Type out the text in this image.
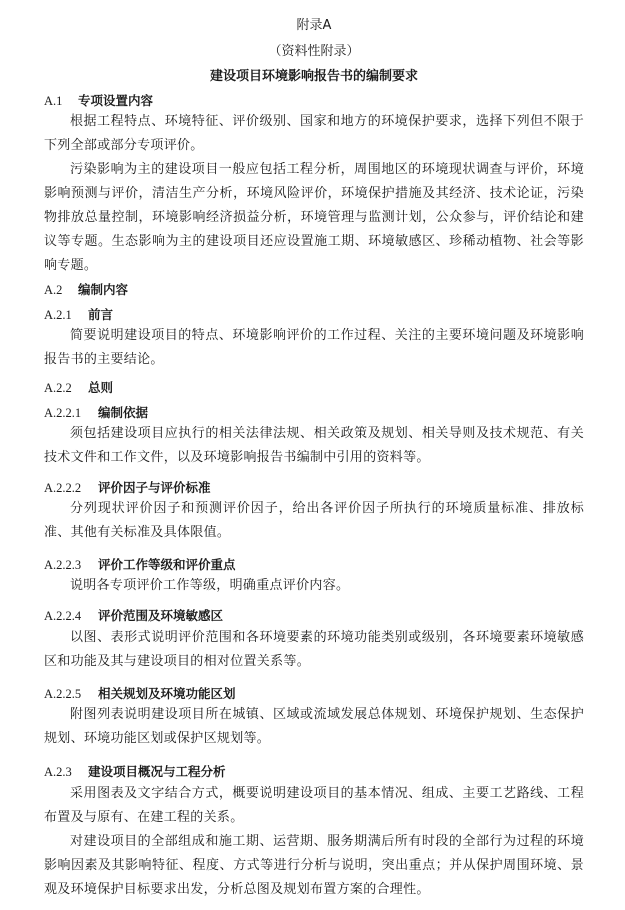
附录A
（资料性附录）
建设项目环境影响报告书的编制要求
A.1 专项设置内容
根据工程特点、环境特征、评价级别、国家和地方的环境保护要求，选择下列但不限于下列全部或部分专项评价。
污染影响为主的建设项目一般应包括工程分析，周围地区的环境现状调查与评价，环境影响预测与评价，清洁生产分析，环境风险评价，环境保护措施及其经济、技术论证，污染物排放总量控制，环境影响经济损益分析，环境管理与监测计划，公众参与，评价结论和建议等专题。生态影响为主的建设项目还应设置施工期、环境敏感区、珍稀动植物、社会等影响专题。
A.2 编制内容
A.2.1 前言
简要说明建设项目的特点、环境影响评价的工作过程、关注的主要环境问题及环境影响报告书的主要结论。
A.2.2 总则
A.2.2.1 编制依据
须包括建设项目应执行的相关法律法规、相关政策及规划、相关导则及技术规范、有关技术文件和工作文件，以及环境影响报告书编制中引用的资料等。
A.2.2.2 评价因子与评价标准
分列现状评价因子和预测评价因子，给出各评价因子所执行的环境质量标准、排放标准、其他有关标准及具体限值。
A.2.2.3 评价工作等级和评价重点
说明各专项评价工作等级，明确重点评价内容。
A.2.2.4 评价范围及环境敏感区
以图、表形式说明评价范围和各环境要素的环境功能类别或级别，各环境要素环境敏感区和功能及其与建设项目的相对位置关系等。
A.2.2.5 相关规划及环境功能区划
附图列表说明建设项目所在城镇、区域或流域发展总体规划、环境保护规划、生态保护规划、环境功能区划或保护区规划等。
A.2.3 建设项目概况与工程分析
采用图表及文字结合方式，概要说明建设项目的基本情况、组成、主要工艺路线、工程布置及与原有、在建工程的关系。
对建设项目的全部组成和施工期、运营期、服务期满后所有时段的全部行为过程的环境影响因素及其影响特征、程度、方式等进行分析与说明，突出重点；并从保护周围环境、景观及环境保护目标要求出发，分析总图及规划布置方案的合理性。
